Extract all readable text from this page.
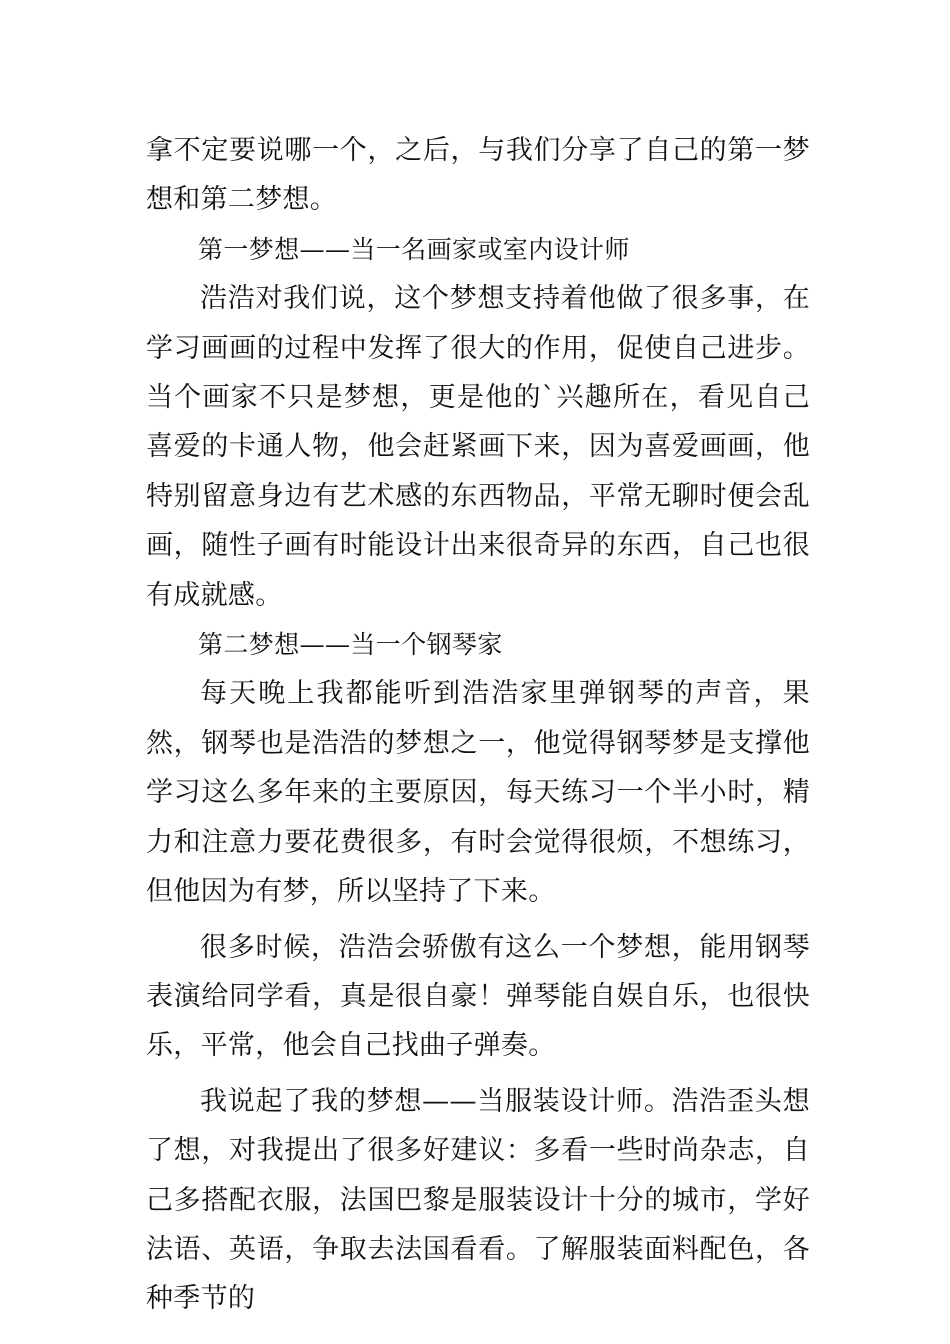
拿不定要说哪一个，之后，与我们分享了自己的第一梦想和第二梦想。

第一梦想——当一名画家或室内设计师

浩浩对我们说，这个梦想支持着他做了很多事，在学习画画的过程中发挥了很大的作用，促使自己进步。当个画家不只是梦想，更是他的`兴趣所在，看见自己喜爱的卡通人物，他会赶紧画下来，因为喜爱画画，他特别留意身边有艺术感的东西物品，平常无聊时便会乱画，随性子画有时能设计出来很奇异的东西，自己也很有成就感。

第二梦想——当一个钢琴家

每天晚上我都能听到浩浩家里弹钢琴的声音，果然，钢琴也是浩浩的梦想之一，他觉得钢琴梦是支撑他学习这么多年来的主要原因，每天练习一个半小时，精力和注意力要花费很多，有时会觉得很烦，不想练习，但他因为有梦，所以坚持了下来。

很多时候，浩浩会骄傲有这么一个梦想，能用钢琴表演给同学看，真是很自豪！弹琴能自娱自乐，也很快乐，平常，他会自己找曲子弹奏。

我说起了我的梦想——当服装设计师。浩浩歪头想了想，对我提出了很多好建议：多看一些时尚杂志，自己多搭配衣服，法国巴黎是服装设计十分的城市，学好法语、英语，争取去法国看看。了解服装面料配色，各种季节的
